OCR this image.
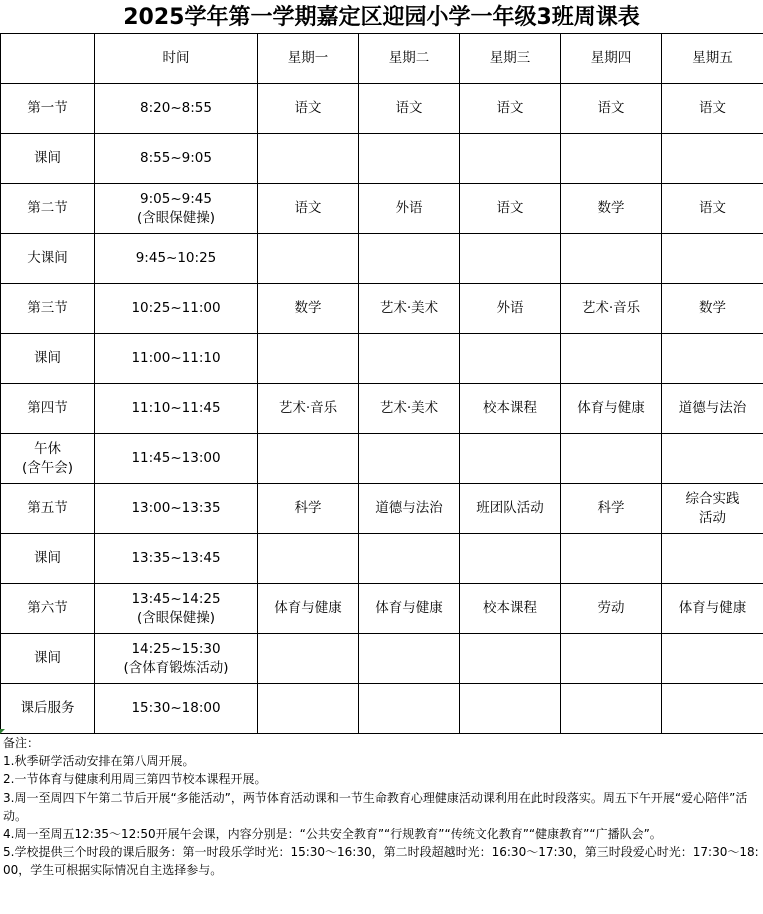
2025学年第一学期嘉定区迎园小学一年级3班周课表
	时间	星期一	星期二	星期三	星期四	星期五

第一节	8:20~8:55	语文	语文	语文	语文	语文

课间	8:55~9:05					

第二节	9:05~9:45
(含眼保健操)	语文	外语	语文	数学	语文

大课间	9:45~10:25					

第三节	10:25~11:00	数学	艺术·美术	外语	艺术·音乐	数学

课间	11:00~11:10					

第四节	11:10~11:45	艺术·音乐	艺术·美术	校本课程	体育与健康	道德与法治

午休
(含午会)	11:45~13:00					

第五节	13:00~13:35	科学	道德与法治	班团队活动	科学	综合实践
活动

课间	13:35~13:45					

第六节	13:45~14:25
(含眼保健操)	体育与健康	体育与健康	校本课程	劳动	体育与健康

课间	14:25~15:30
(含体育锻炼活动)					

课后服务	15:30~18:00					

备注：
1.秋季研学活动安排在第八周开展。
2.一节体育与健康利用周三第四节校本课程开展。
3.周一至周四下午第二节后开展“多能活动”，两节体育活动课和一节生命教育心理健康活动课利用在此时段落实。周五下午开展“爱心陪伴”活动。
4.周一至周五12:35～12:50开展午会课，内容分别是：“公共安全教育”“行规教育”“传统文化教育”“健康教育”“广播队会”。
5.学校提供三个时段的课后服务：第一时段乐学时光：15:30～16:30，第二时段超越时光：16:30～17:30，第三时段爱心时光：17:30～18:00，学生可根据实际情况自主选择参与。
